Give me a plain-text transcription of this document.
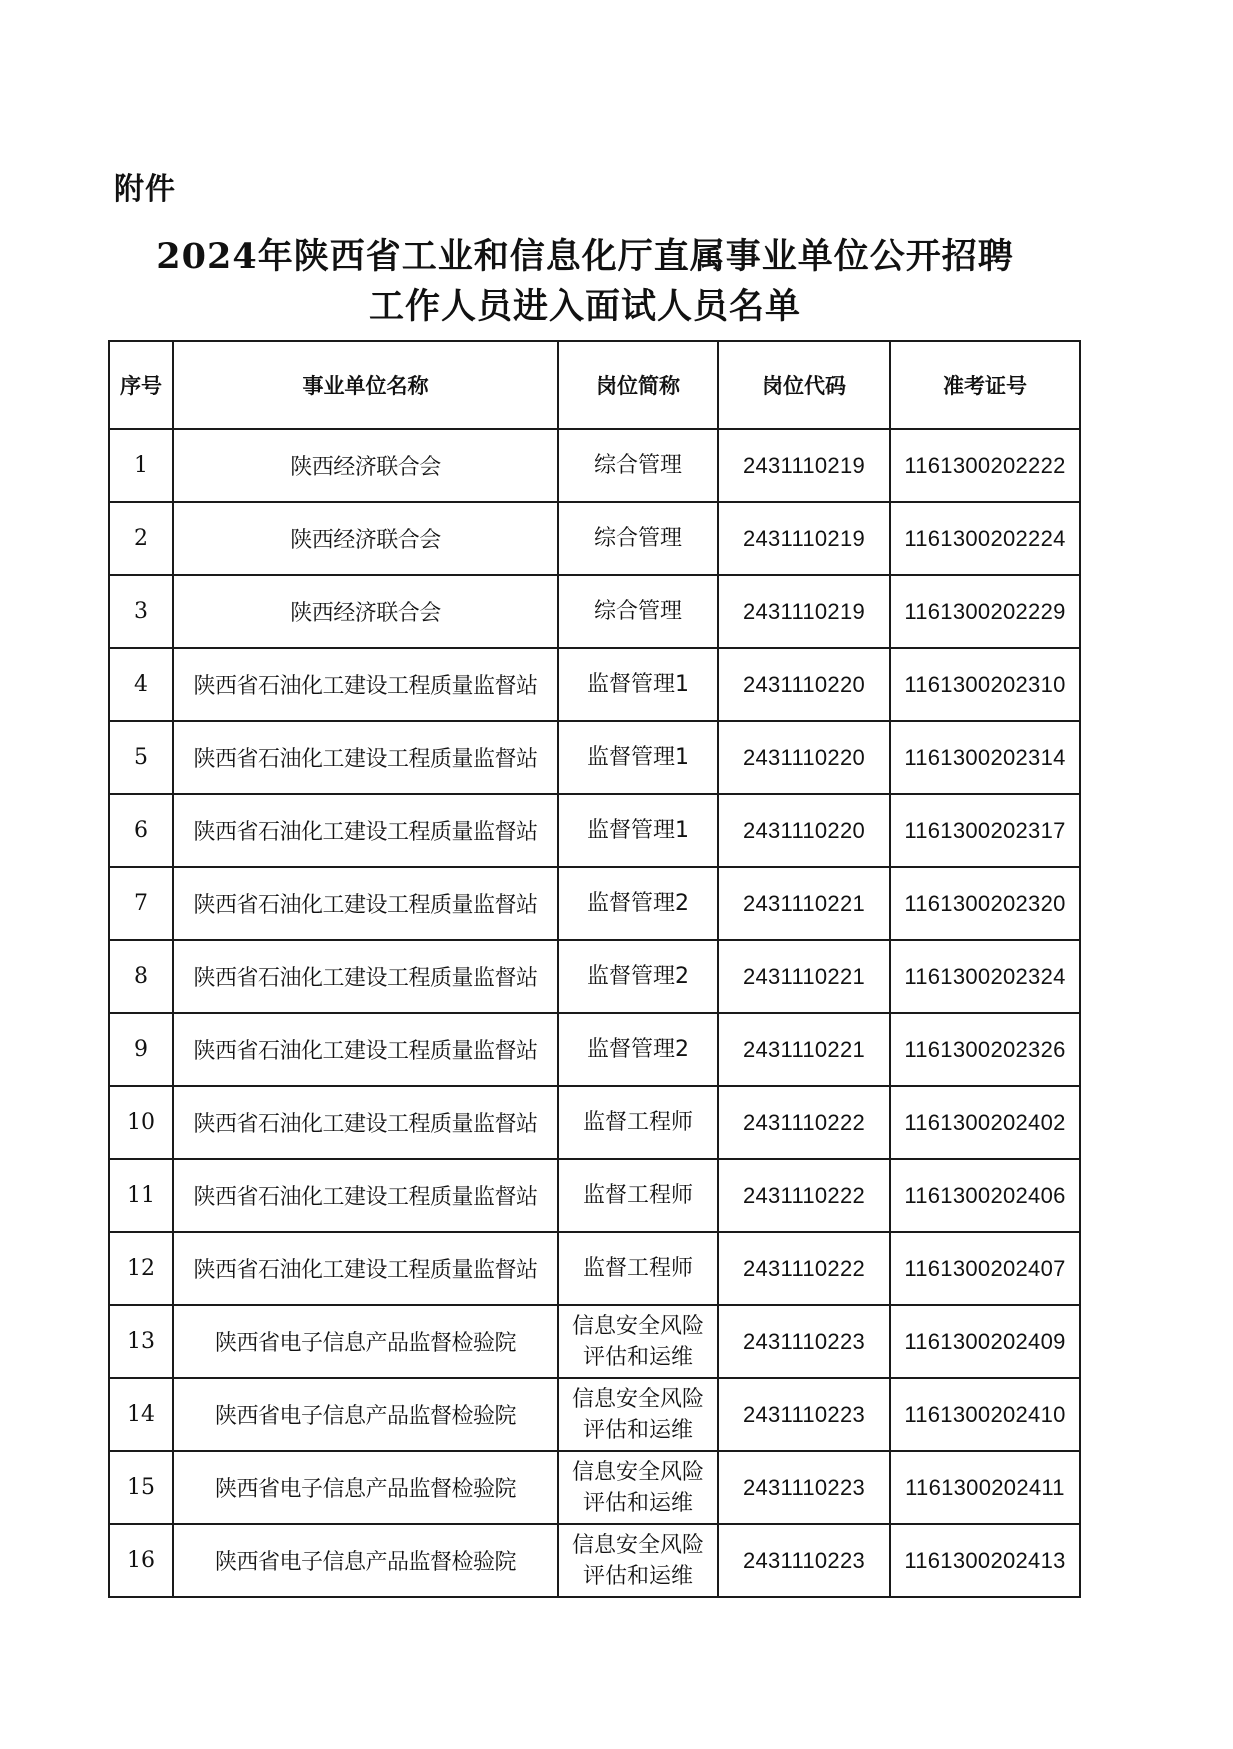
附件
2024年陕西省工业和信息化厅直属事业单位公开招聘
工作人员进入面试人员名单
序号	事业单位名称	岗位简称	岗位代码	准考证号
1	陕西经济联合会	综合管理	2431110219	1161300202222
2	陕西经济联合会	综合管理	2431110219	1161300202224
3	陕西经济联合会	综合管理	2431110219	1161300202229
4	陕西省石油化工建设工程质量监督站	监督管理1	2431110220	1161300202310
5	陕西省石油化工建设工程质量监督站	监督管理1	2431110220	1161300202314
6	陕西省石油化工建设工程质量监督站	监督管理1	2431110220	1161300202317
7	陕西省石油化工建设工程质量监督站	监督管理2	2431110221	1161300202320
8	陕西省石油化工建设工程质量监督站	监督管理2	2431110221	1161300202324
9	陕西省石油化工建设工程质量监督站	监督管理2	2431110221	1161300202326
10	陕西省石油化工建设工程质量监督站	监督工程师	2431110222	1161300202402
11	陕西省石油化工建设工程质量监督站	监督工程师	2431110222	1161300202406
12	陕西省石油化工建设工程质量监督站	监督工程师	2431110222	1161300202407
13	陕西省电子信息产品监督检验院	信息安全风险
评估和运维	2431110223	1161300202409
14	陕西省电子信息产品监督检验院	信息安全风险
评估和运维	2431110223	1161300202410
15	陕西省电子信息产品监督检验院	信息安全风险
评估和运维	2431110223	1161300202411
16	陕西省电子信息产品监督检验院	信息安全风险
评估和运维	2431110223	1161300202413
